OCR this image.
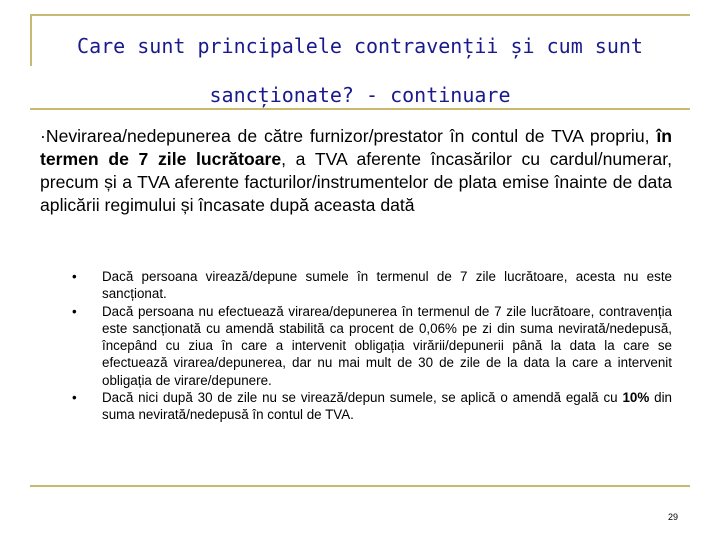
Care sunt principalele contravenții și cum sunt
sancționate? - continuare
·Nevirarea/nedepunerea de către furnizor/prestator în contul de TVA propriu, în termen de 7 zile lucrătoare, a TVA aferente încasărilor cu cardul/numerar, precum și a TVA aferente facturilor/instrumentelor de plata emise înainte de data aplicării regimului și încasate după aceasta dată
• Dacă persoana virează/depune sumele în termenul de 7 zile lucrătoare, acesta nu este sancționat.
• Dacă persoana nu efectuează virarea/depunerea în termenul de 7 zile lucrătoare, contravenția este sancționată cu amendă stabilită ca procent de 0,06% pe zi din suma nevirată/nedepusă, începând cu ziua în care a intervenit obligația virării/depunerii până la data la care se efectuează virarea/depunerea, dar nu mai mult de 30 de zile de la data la care a intervenit obligația de virare/depunere.
• Dacă nici după 30 de zile nu se virează/depun sumele, se aplică o amendă egală cu 10% din suma nevirată/nedepusă în contul de TVA.
29
